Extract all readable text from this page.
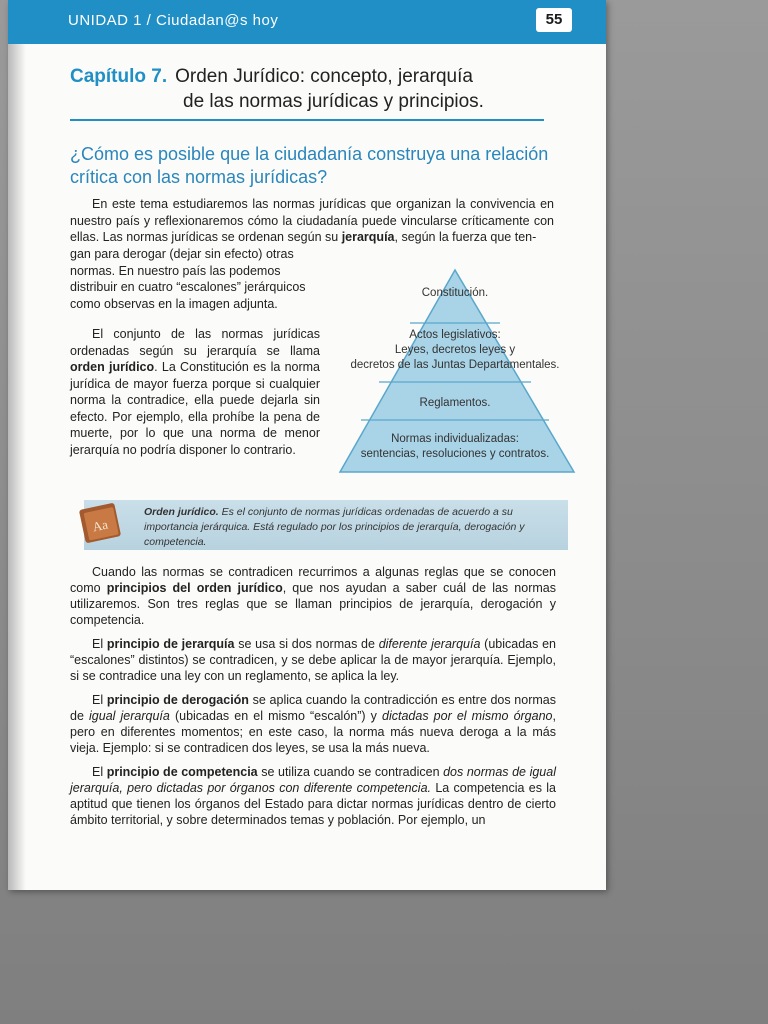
UNIDAD 1 / Ciudadan@s hoy	55
Capítulo 7. Orden Jurídico: concepto, jerarquía
de las normas jurídicas y principios.
¿Cómo es posible que la ciudadanía construya una relación crítica con las normas jurídicas?
En este tema estudiaremos las normas jurídicas que organizan la convivencia en nuestro país y reflexionaremos cómo la ciudadanía puede vincularse críticamente con ellas. Las normas jurídicas se ordenan según su jerarquía, según la fuerza que ten-
gan para derogar (dejar sin efecto) otras normas. En nuestro país las podemos distribuir en cuatro “escalones” jerárquicos como observas en la imagen adjunta.
El conjunto de las normas jurídicas ordenadas según su jerarquía se llama orden jurídico. La Constitución es la norma jurídica de mayor fuerza porque si cualquier norma la contradice, ella puede dejarla sin efecto. Por ejemplo, ella prohíbe la pena de muerte, por lo que una norma de menor jerarquía no podría disponer lo contrario.
Constitución.
Actos legislativos:
Leyes, decretos leyes y
decretos de las Juntas Departamentales.
Reglamentos.
Normas individualizadas:
sentencias, resoluciones y contratos.
Aa
Orden jurídico. Es el conjunto de normas jurídicas ordenadas de acuerdo a su importancia jerárquica. Está regulado por los principios de jerarquía, derogación y competencia.

Cuando las normas se contradicen recurrimos a algunas reglas que se conocen como principios del orden jurídico, que nos ayudan a saber cuál de las normas utilizaremos. Son tres reglas que se llaman principios de jerarquía, derogación y competencia.

El principio de jerarquía se usa si dos normas de diferente jerarquía (ubicadas en “escalones” distintos) se contradicen, y se debe aplicar la de mayor jerarquía. Ejemplo, si se contradice una ley con un reglamento, se aplica la ley.

El principio de derogación se aplica cuando la contradicción es entre dos normas de igual jerarquía (ubicadas en el mismo “escalón”) y dictadas por el mismo órgano, pero en diferentes momentos; en este caso, la norma más nueva deroga a la más vieja. Ejemplo: si se contradicen dos leyes, se usa la más nueva.

El principio de competencia se utiliza cuando se contradicen dos normas de igual jerarquía, pero dictadas por órganos con diferente competencia. La competencia es la aptitud que tienen los órganos del Estado para dictar normas jurídicas dentro de cierto ámbito territorial, y sobre determinados temas y población. Por ejemplo, un
